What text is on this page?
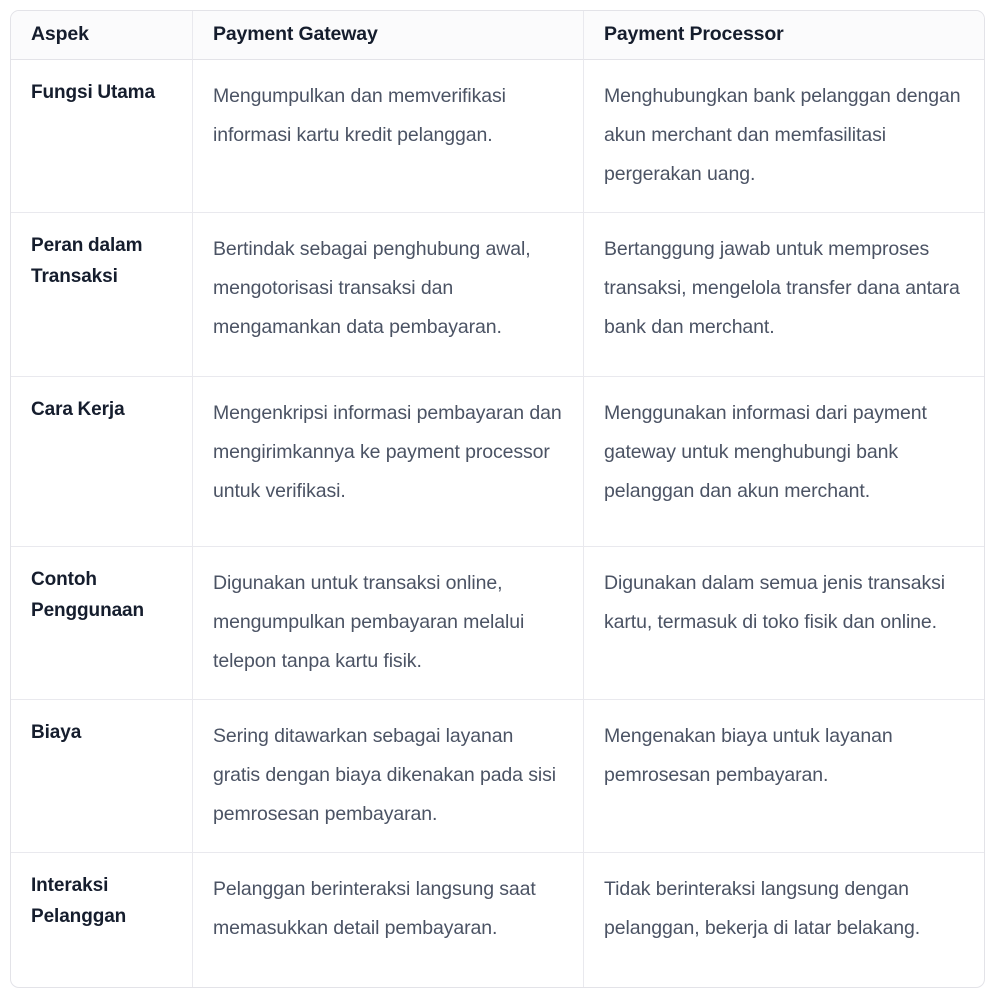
Aspek	Payment Gateway	Payment Processor
Fungsi Utama	Mengumpulkan dan memverifikasi informasi kartu kredit pelanggan.	Menghubungkan bank pelanggan dengan akun merchant dan memfasilitasi pergerakan uang.
Peran dalam Transaksi	Bertindak sebagai penghubung awal, mengotorisasi transaksi dan mengamankan data pembayaran.	Bertanggung jawab untuk memproses transaksi, mengelola transfer dana antara bank dan merchant.
Cara Kerja	Mengenkripsi informasi pembayaran dan mengirimkannya ke payment processor untuk verifikasi.	Menggunakan informasi dari payment gateway untuk menghubungi bank pelanggan dan akun merchant.
Contoh Penggunaan	Digunakan untuk transaksi online, mengumpulkan pembayaran melalui telepon tanpa kartu fisik.	Digunakan dalam semua jenis transaksi kartu, termasuk di toko fisik dan online.
Biaya	Sering ditawarkan sebagai layanan gratis dengan biaya dikenakan pada sisi pemrosesan pembayaran.	Mengenakan biaya untuk layanan pemrosesan pembayaran.
Interaksi Pelanggan	Pelanggan berinteraksi langsung saat memasukkan detail pembayaran.	Tidak berinteraksi langsung dengan pelanggan, bekerja di latar belakang.
